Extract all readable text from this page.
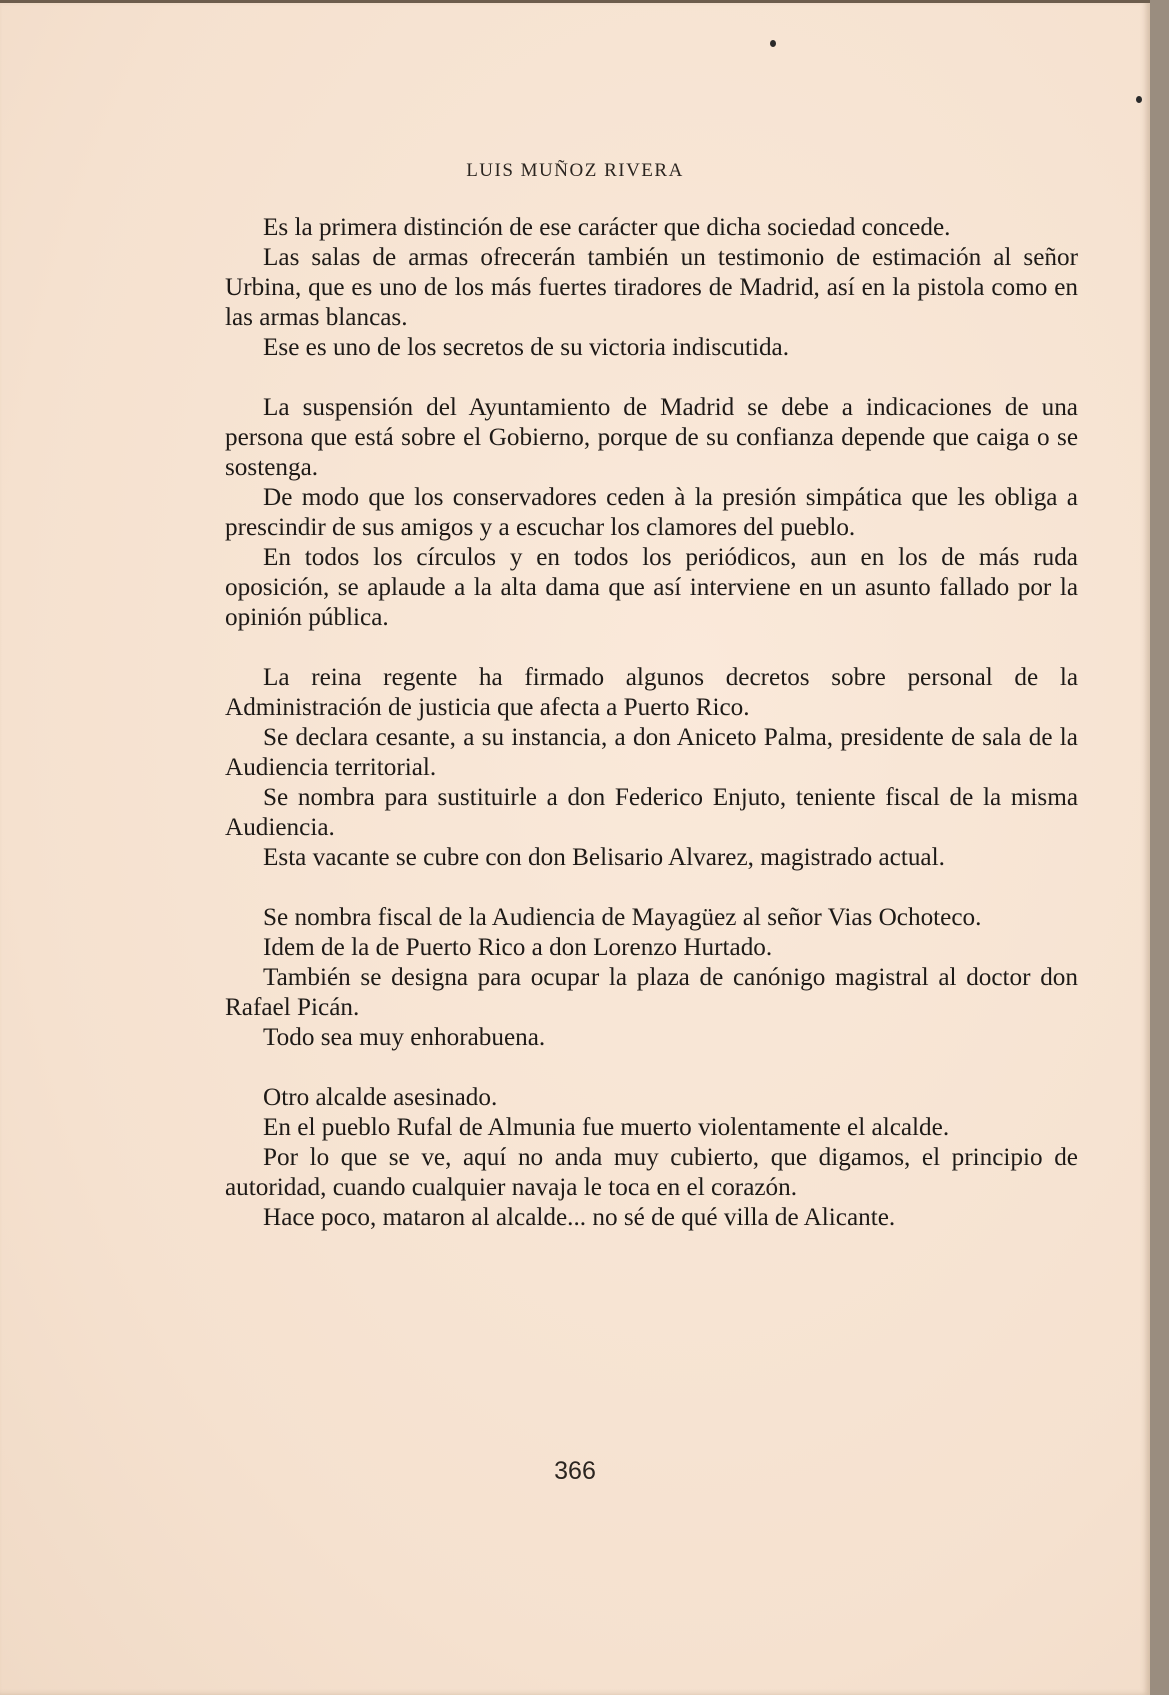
LUIS MUÑOZ RIVERA

Es la primera distinción de ese carácter que dicha sociedad concede.

Las salas de armas ofrecerán también un testimonio de estimación al señor Urbina, que es uno de los más fuertes tiradores de Madrid, así en la pistola como en las armas blancas.

Ese es uno de los secretos de su victoria indiscutida.

La suspensión del Ayuntamiento de Madrid se debe a indicaciones de una persona que está sobre el Gobierno, porque de su confianza depende que caiga o se sostenga.

De modo que los conservadores ceden à la presión simpática que les obliga a prescindir de sus amigos y a escuchar los clamores del pueblo.

En todos los círculos y en todos los periódicos, aun en los de más ruda oposición, se aplaude a la alta dama que así interviene en un asunto fallado por la opinión pública.

La reina regente ha firmado algunos decretos sobre personal de la Administración de justicia que afecta a Puerto Rico.

Se declara cesante, a su instancia, a don Aniceto Palma, presidente de sala de la Audiencia territorial.

Se nombra para sustituirle a don Federico Enjuto, teniente fiscal de la misma Audiencia.

Esta vacante se cubre con don Belisario Alvarez, magistrado actual.

Se nombra fiscal de la Audiencia de Mayagüez al señor Vias Ochoteco.

Idem de la de Puerto Rico a don Lorenzo Hurtado.

También se designa para ocupar la plaza de canónigo magistral al doctor don Rafael Picán.

Todo sea muy enhorabuena.

Otro alcalde asesinado.

En el pueblo Rufal de Almunia fue muerto violentamente el alcalde.

Por lo que se ve, aquí no anda muy cubierto, que digamos, el principio de autoridad, cuando cualquier navaja le toca en el corazón.

Hace poco, mataron al alcalde... no sé de qué villa de Alicante.

366
